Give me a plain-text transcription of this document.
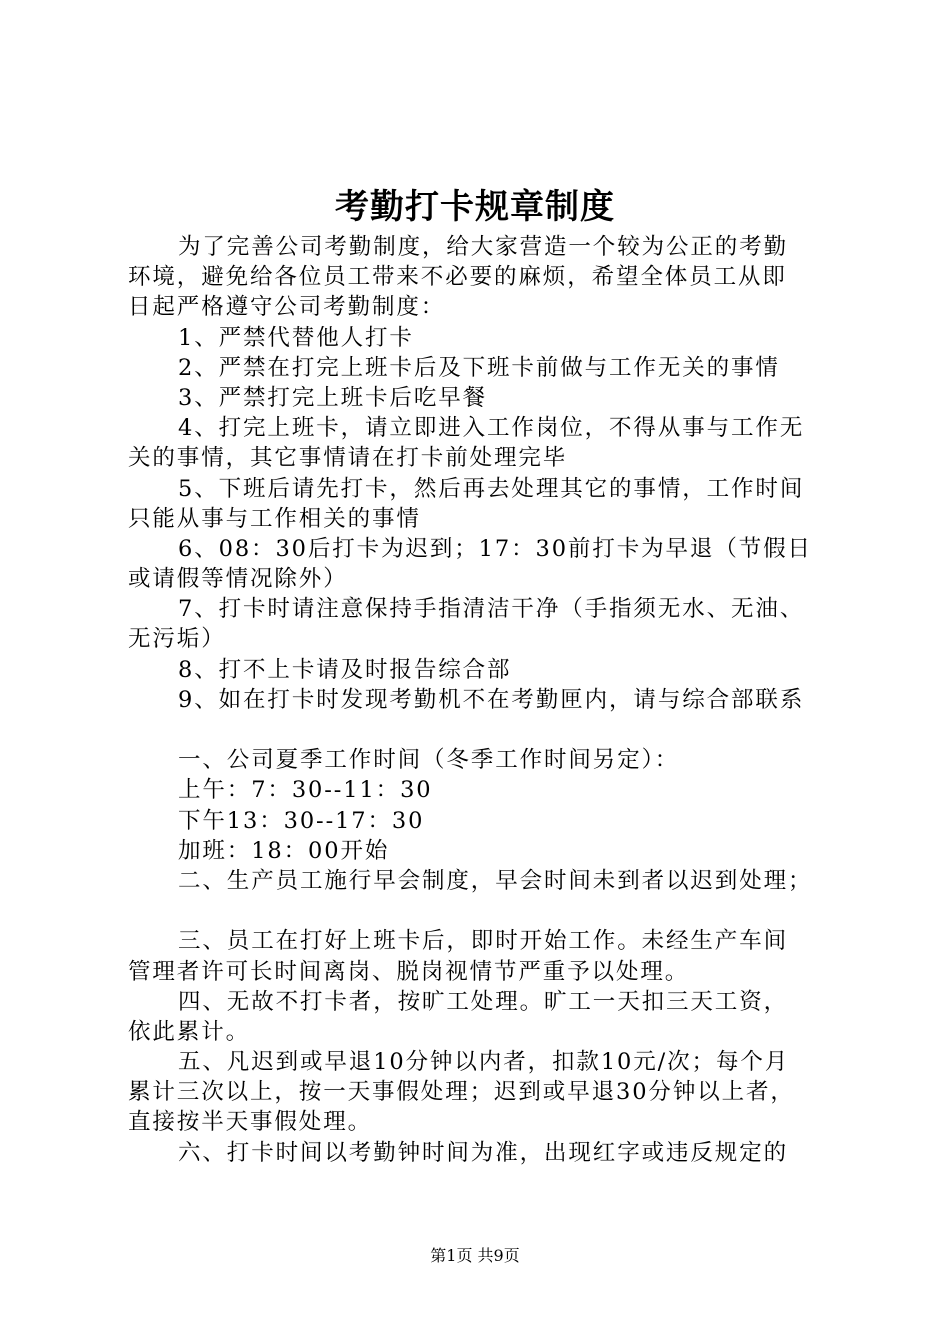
考勤打卡规章制度
为了完善公司考勤制度，给大家营造一个较为公正的考勤
环境，避免给各位员工带来不必要的麻烦，希望全体员工从即
日起严格遵守公司考勤制度：
1、严禁代替他人打卡
2、严禁在打完上班卡后及下班卡前做与工作无关的事情
3、严禁打完上班卡后吃早餐
4、打完上班卡，请立即进入工作岗位，不得从事与工作无
关的事情，其它事情请在打卡前处理完毕
5、下班后请先打卡，然后再去处理其它的事情，工作时间
只能从事与工作相关的事情
6、08：30后打卡为迟到；17：30前打卡为早退（节假日
或请假等情况除外）
7、打卡时请注意保持手指清洁干净（手指须无水、无油、
无污垢）
8、打不上卡请及时报告综合部
9、如在打卡时发现考勤机不在考勤匣内，请与综合部联系
一、公司夏季工作时间（冬季工作时间另定）：
上午：7：30--11：30
下午13：30--17：30
加班：18：00开始
二、生产员工施行早会制度，早会时间未到者以迟到处理；
三、员工在打好上班卡后，即时开始工作。未经生产车间
管理者许可长时间离岗、脱岗视情节严重予以处理。
四、无故不打卡者，按旷工处理。旷工一天扣三天工资，
依此累计。
五、凡迟到或早退10分钟以内者，扣款10元/次；每个月
累计三次以上，按一天事假处理；迟到或早退30分钟以上者，
直接按半天事假处理。
六、打卡时间以考勤钟时间为准，出现红字或违反规定的
第1页 共9页
